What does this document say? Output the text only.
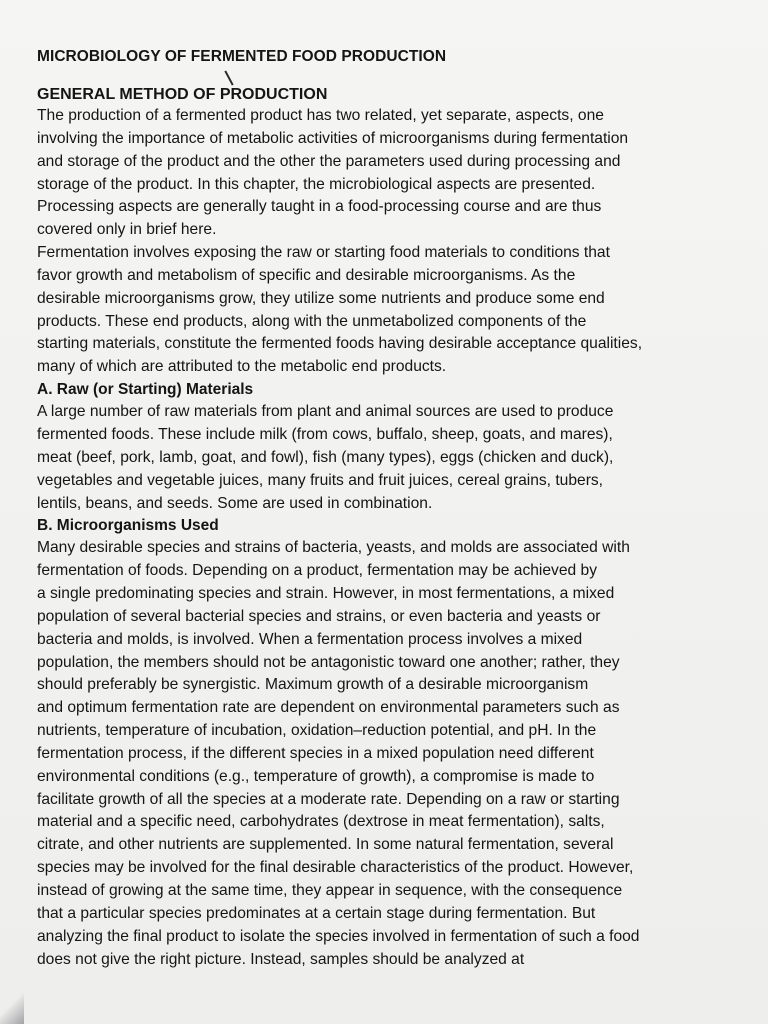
MICROBIOLOGY OF FERMENTED FOOD PRODUCTION
GENERAL METHOD OF PRODUCTION

The production of a fermented product has two related, yet separate, aspects, one
involving the importance of metabolic activities of microorganisms during fermentation
and storage of the product and the other the parameters used during processing and
storage of the product. In this chapter, the microbiological aspects are presented.
Processing aspects are generally taught in a food-processing course and are thus
covered only in brief here.

Fermentation involves exposing the raw or starting food materials to conditions that
favor growth and metabolism of specific and desirable microorganisms. As the
desirable microorganisms grow, they utilize some nutrients and produce some end
products. These end products, along with the unmetabolized components of the
starting materials, constitute the fermented foods having desirable acceptance qualities,
many of which are attributed to the metabolic end products.

A. Raw (or Starting) Materials

A large number of raw materials from plant and animal sources are used to produce
fermented foods. These include milk (from cows, buffalo, sheep, goats, and mares),
meat (beef, pork, lamb, goat, and fowl), fish (many types), eggs (chicken and duck),
vegetables and vegetable juices, many fruits and fruit juices, cereal grains, tubers,
lentils, beans, and seeds. Some are used in combination.

B. Microorganisms Used

Many desirable species and strains of bacteria, yeasts, and molds are associated with
fermentation of foods. Depending on a product, fermentation may be achieved by
a single predominating species and strain. However, in most fermentations, a mixed
population of several bacterial species and strains, or even bacteria and yeasts or
bacteria and molds, is involved. When a fermentation process involves a mixed
population, the members should not be antagonistic toward one another; rather, they
should preferably be synergistic. Maximum growth of a desirable microorganism
and optimum fermentation rate are dependent on environmental parameters such as
nutrients, temperature of incubation, oxidation–reduction potential, and pH. In the
fermentation process, if the different species in a mixed population need different
environmental conditions (e.g., temperature of growth), a compromise is made to
facilitate growth of all the species at a moderate rate. Depending on a raw or starting
material and a specific need, carbohydrates (dextrose in meat fermentation), salts,
citrate, and other nutrients are supplemented. In some natural fermentation, several
species may be involved for the final desirable characteristics of the product. However,
instead of growing at the same time, they appear in sequence, with the consequence
that a particular species predominates at a certain stage during fermentation. But
analyzing the final product to isolate the species involved in fermentation of such a food
does not give the right picture. Instead, samples should be analyzed at
